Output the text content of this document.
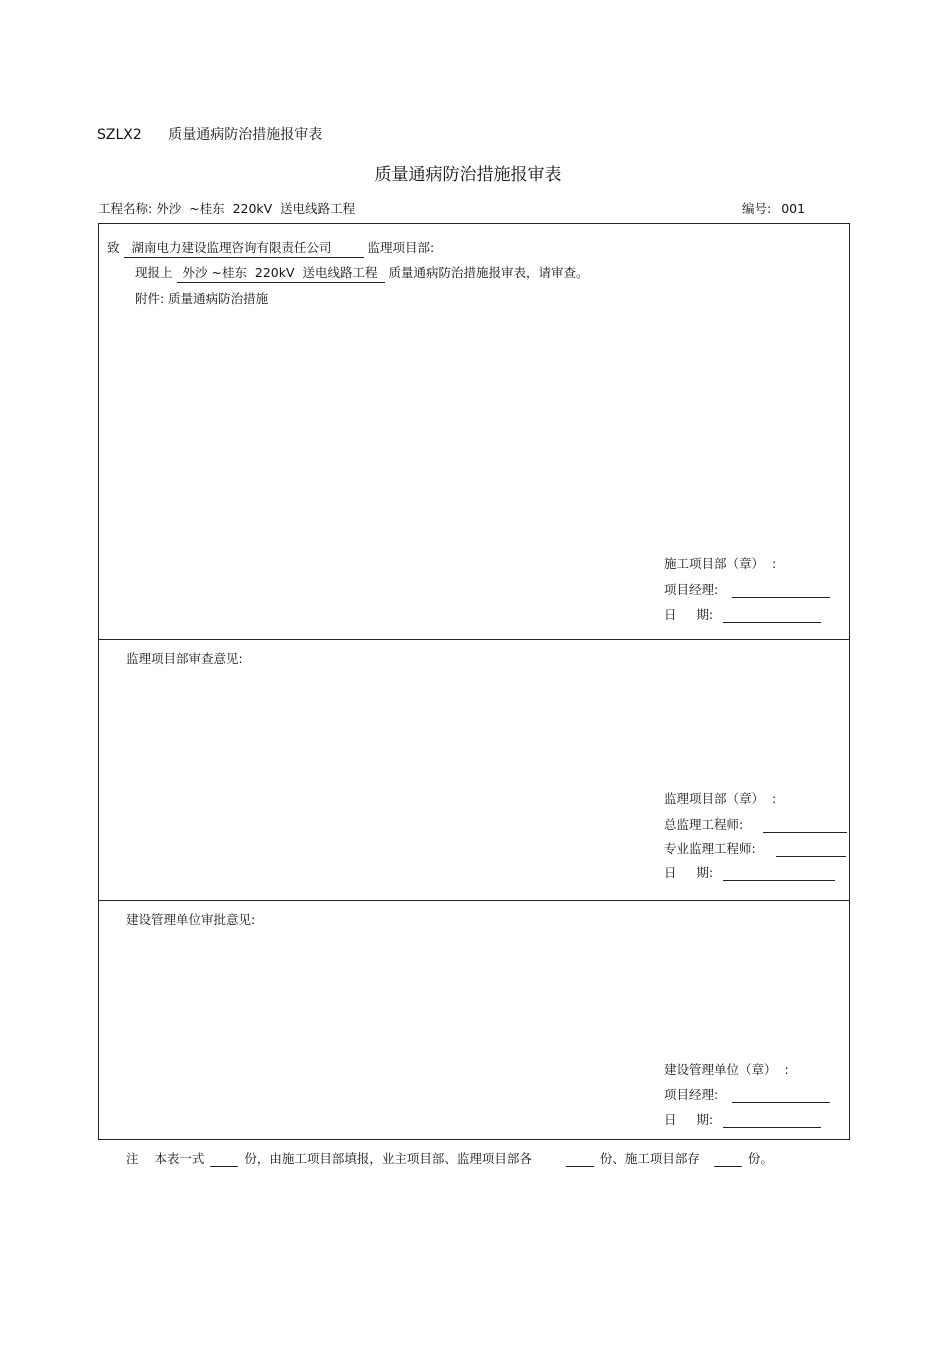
SZLX2 质量通病防治措施报审表
质量通病防治措施报审表
工程名称: 外沙  ~桂东  220kV  送电线路工程	编号: 001
致 湖南电力建设监理咨询有限责任公司	监理项目部:
现报上 外沙 ~桂东  220kV  送电线路工程 质量通病防治措施报审表，请审查。
附件: 质量通病防治措施
施工项目部（章）  :
项目经理:
日     期:
监理项目部审查意见:
监理项目部（章）  :
总监理工程师:
专业监理工程师:
日     期:
建设管理单位审批意见:
建设管理单位（章）  :
项目经理:
日     期:
注    本表一式	份，由施工项目部填报，业主项目部、监理项目部各	份、施工项目部存	份。
